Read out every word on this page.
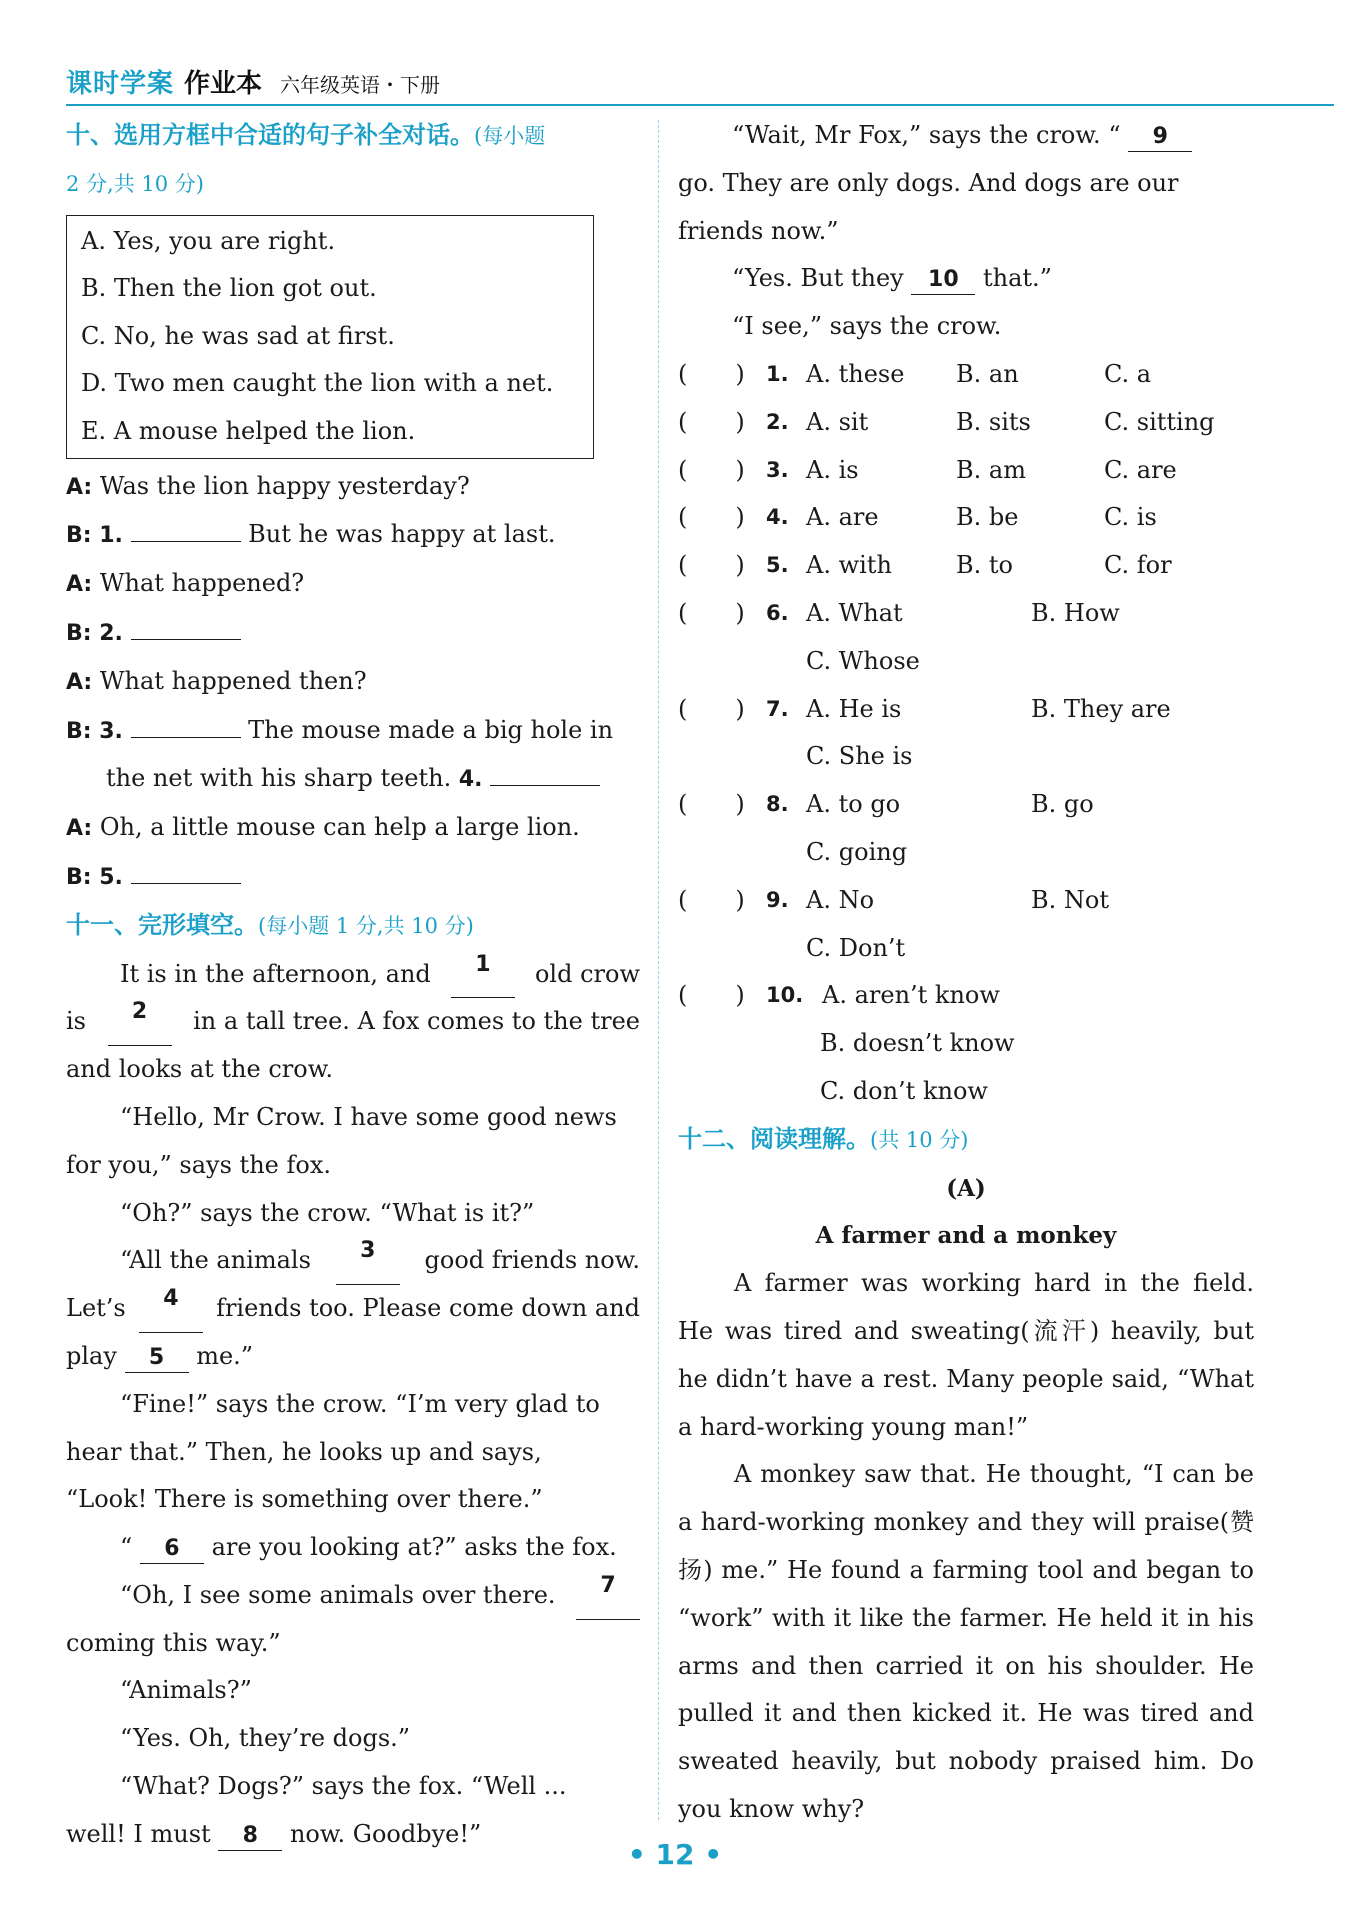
课时学案 作业本 六年级英语・下册
十、选用方框中合适的句子补全对话。(每小题
2 分,共 10 分)
A. Yes, you are right.
B. Then the lion got out.
C. No, he was sad at first.
D. Two men caught the lion with a net.
E. A mouse helped the lion.
A: Was the lion happy yesterday?
B: 1.	But he was happy at last.
A: What happened?
B: 2.
A: What happened then?
B: 3.	The mouse made a big hole in
the net with his sharp teeth. 4.
A: Oh, a little mouse can help a large lion.
B: 5.
十一、完形填空。(每小题 1 分,共 10 分)
It is in the afternoon, and	1	old crow
is	2	in a tall tree. A fox comes to the tree
and looks at the crow.
“Hello, Mr Crow. I have some good news
for you,” says the fox.
“Oh?” says the crow. “What is it?”
“All the animals	3	good friends now.
Let’s	4	friends too. Please come down and
play 5 me.”
“Fine!” says the crow. “I’m very glad to
hear that.” Then, he looks up and says,
“Look! There is something over there.”
“ 6 are you looking at?” asks the fox.
“Oh, I see some animals over there.	7
coming this way.”
“Animals?”
“Yes. Oh, they’re dogs.”
“What? Dogs?” says the fox. “Well ...
well! I must 8 now. Goodbye!”
“Wait, Mr Fox,” says the crow. “ 9
go. They are only dogs. And dogs are our
friends now.”
“Yes. But they 10 that.”
“I see,” says the crow.
(　　)	1. A. these	B. an	C. a
(　　)	2. A. sit	B. sits	C. sitting
(　　)	3. A. is	B. am	C. are
(　　)	4. A. are	B. be	C. is
(　　)	5. A. with	B. to	C. for
(　　)	6. A. What	B. How
C. Whose
(　　)	7. A. He is	B. They are
C. She is
(　　)	8. A. to go	B. go
C. going
(　　)	9. A. No	B. Not
C. Don’t
(　　)	10. A. aren’t know
B. doesn’t know
C. don’t know
十二、阅读理解。(共 10 分)
(A)
A farmer and a monkey
A farmer was working hard in the field. He was tired and sweating(流汗) heavily, but he didn’t have a rest. Many people said, “What a hard-working young man!”
A monkey saw that. He thought, “I can be a hard-working monkey and they will praise(赞扬) me.” He found a farming tool and began to “work” with it like the farmer. He held it in his arms and then carried it on his shoulder. He pulled it and then kicked it. He was tired and sweated heavily, but nobody praised him. Do you know why?
• 12 •
